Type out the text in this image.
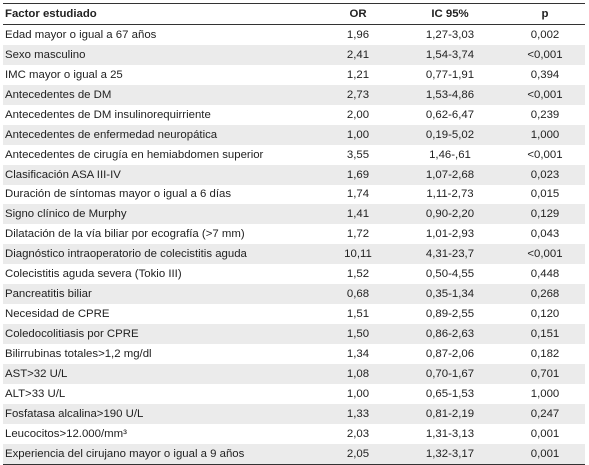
Factor estudiado	OR	IC 95%	p
Edad mayor o igual a 67 años	1,96	1,27-3,03	0,002
Sexo masculino	2,41	1,54-3,74	<0,001
IMC mayor o igual a 25	1,21	0,77-1,91	0,394
Antecedentes de DM	2,73	1,53-4,86	<0,001
Antecedentes de DM insulinorequirriente	2,00	0,62-6,47	0,239
Antecedentes de enfermedad neuropática	1,00	0,19-5,02	1,000
Antecedentes de cirugía en hemiabdomen superior	3,55	1,46-,61	<0,001
Clasificación ASA III-IV	1,69	1,07-2,68	0,023
Duración de síntomas mayor o igual a 6 días	1,74	1,11-2,73	0,015
Signo clínico de Murphy	1,41	0,90-2,20	0,129
Dilatación de la vía biliar por ecografía (>7 mm)	1,72	1,01-2,93	0,043
Diagnóstico intraoperatorio de colecistitis aguda	10,11	4,31-23,7	<0,001
Colecistitis aguda severa (Tokio III)	1,52	0,50-4,55	0,448
Pancreatitis biliar	0,68	0,35-1,34	0,268
Necesidad de CPRE	1,51	0,89-2,55	0,120
Coledocolitiasis por CPRE	1,50	0,86-2,63	0,151
Bilirrubinas totales>1,2 mg/dl	1,34	0,87-2,06	0,182
AST>32 U/L	1,08	0,70-1,67	0,701
ALT>33 U/L	1,00	0,65-1,53	1,000
Fosfatasa alcalina>190 U/L	1,33	0,81-2,19	0,247
Leucocitos>12.000/mm³	2,03	1,31-3,13	0,001
Experiencia del cirujano mayor o igual a 9 años	2,05	1,32-3,17	0,001
